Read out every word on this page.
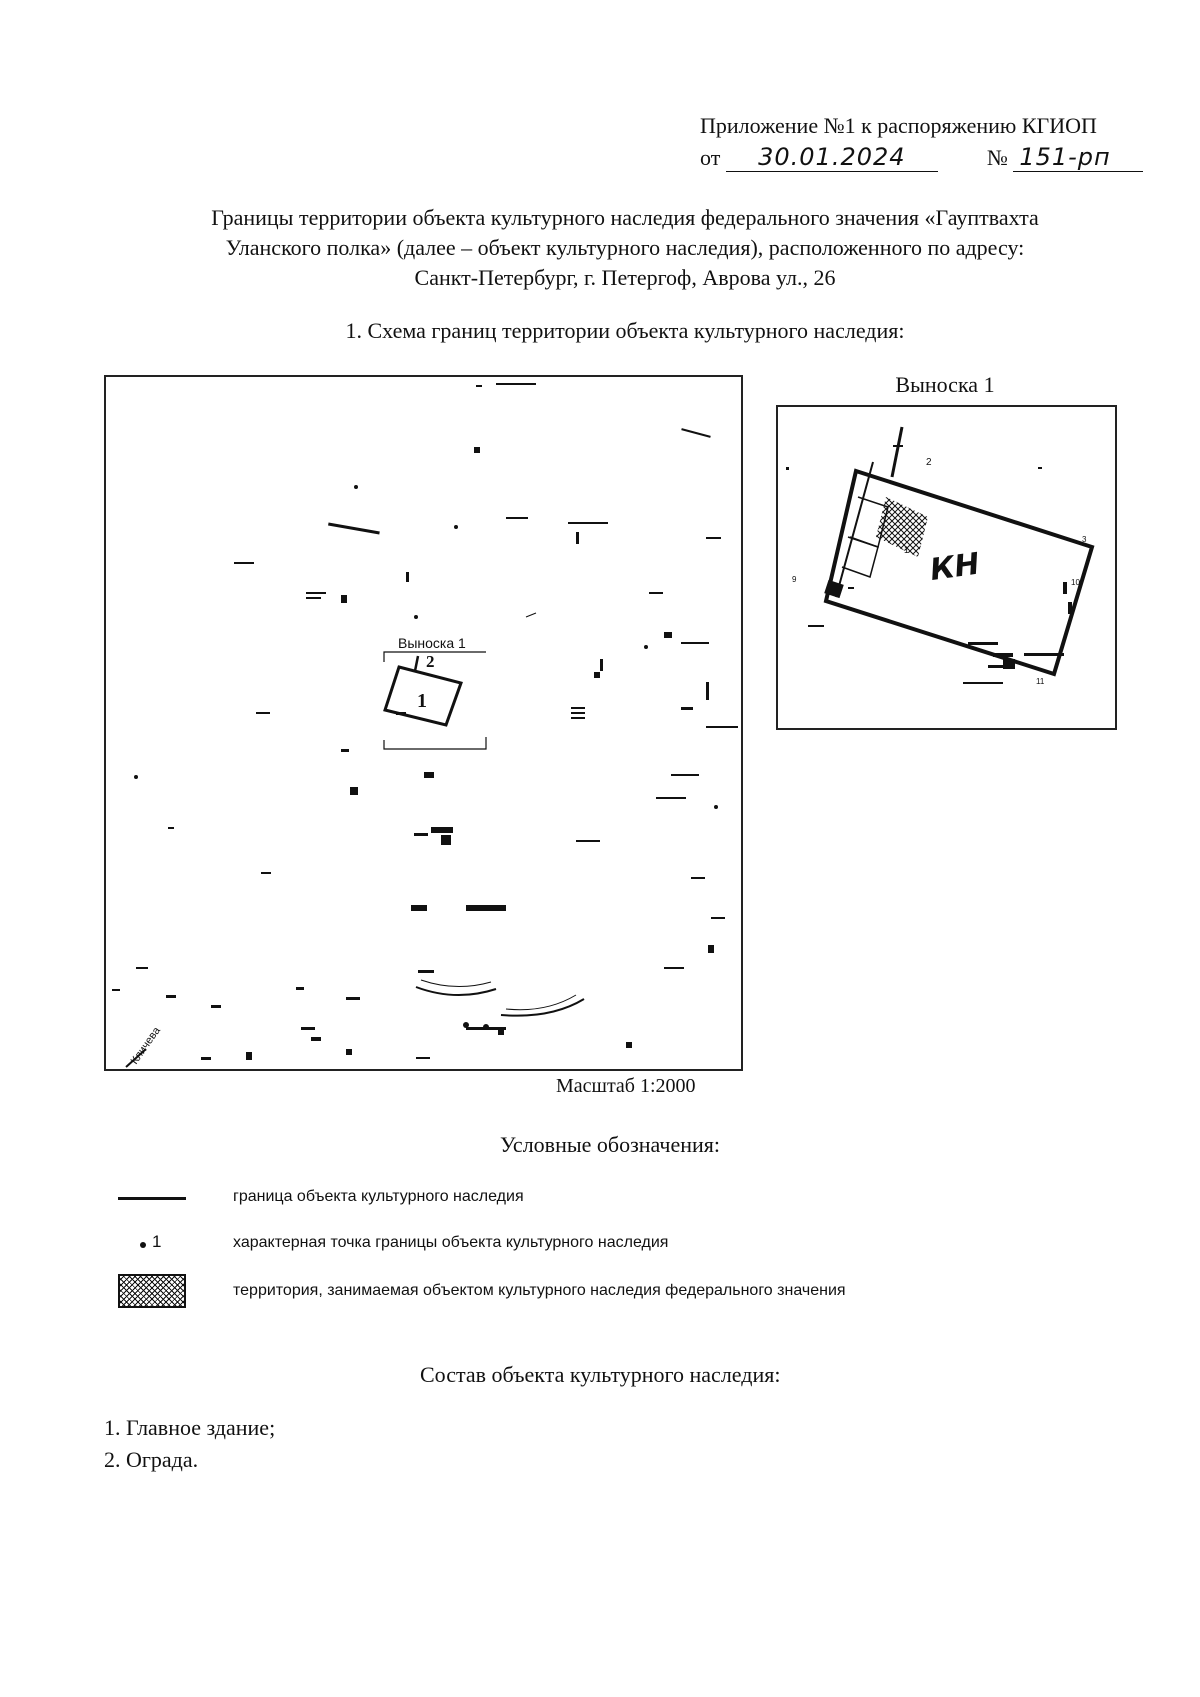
Приложение №1 к распоряжению КГИОП
от 30.01.2024	№ 151-рп
Границы территории объекта культурного наследия федерального значения «Гауптвахта
Уланского полка» (далее – объект культурного наследия), расположенного по адресу:
Санкт-Петербург, г. Петергоф, Аврова ул., 26
1. Схема границ территории объекта культурного наследия:
Выноска 1
2
1
Кличева
Выноска 1
КН
1
2
3
9	10
11
Масштаб 1:2000
Условные обозначения:
граница объекта культурного наследия
1	характерная точка границы объекта культурного наследия
территория, занимаемая объектом культурного наследия федерального значения
Состав объекта культурного наследия:
1. Главное здание;
2. Ограда.
